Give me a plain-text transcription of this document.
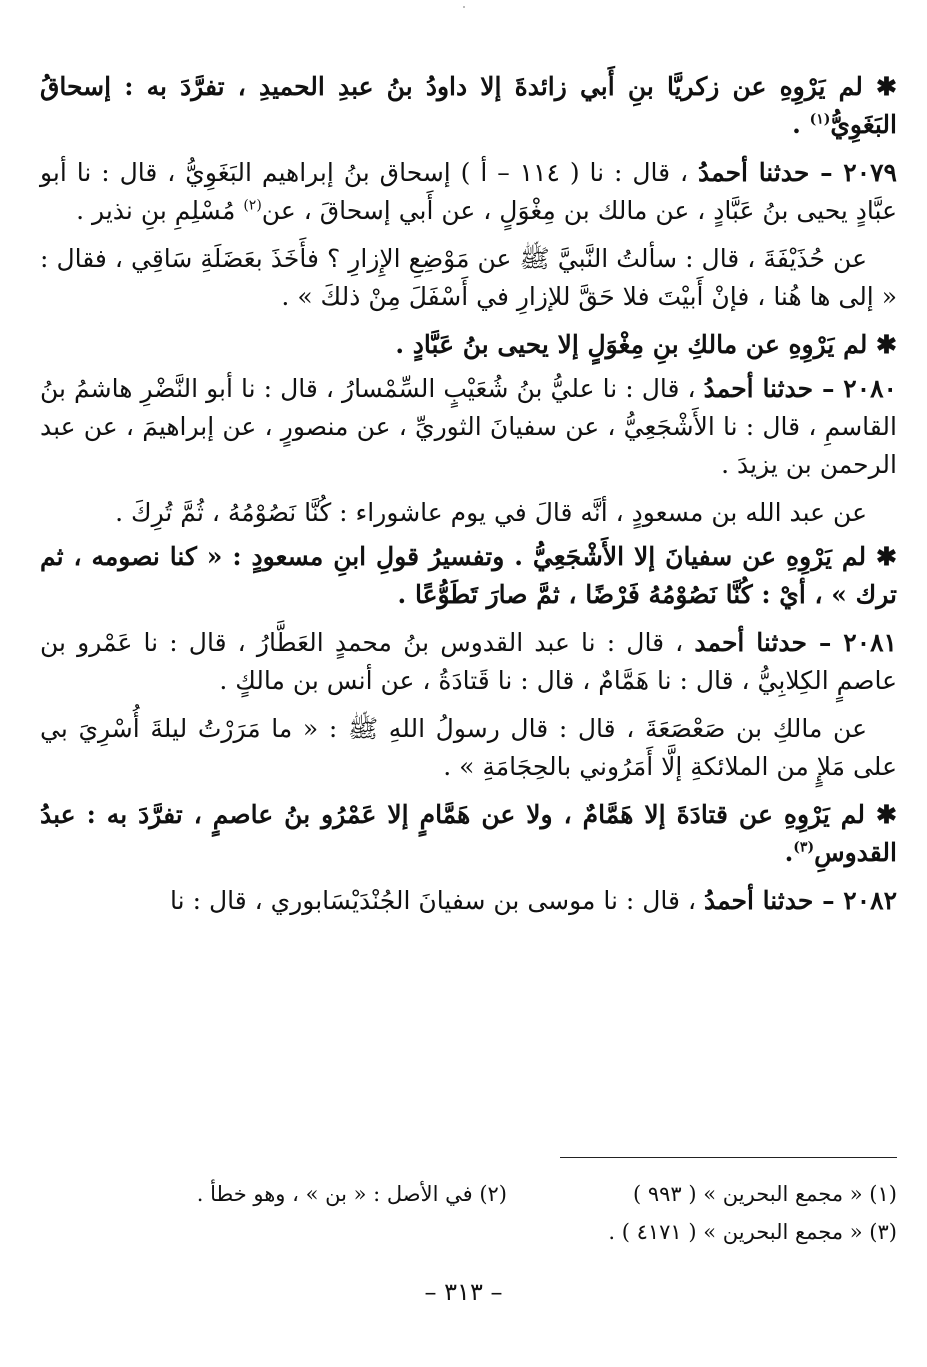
✱ لم يَرْوِهِ عن زكريَّا بنِ أَبي زائدةَ إلا داودُ بنُ عبدِ الحميدِ ، تفرَّدَ به : إسحاقُ البَغَوِيُّ$^{(١)}$ .

٢٠٧٩ – حدثنا أحمدُ ، قال : نا ( ١١٤ – أ ) إسحاق بنُ إبراهيم البَغَوِيُّ ، قال : نا أبو عبَّادٍ يحيى بنُ عَبَّادٍ ، عن مالك بن مِغْوَلٍ ، عن أَبي إسحاقَ ، عن$^{(٢)}$ مُسْلِمِ بنِ نذير .

عن حُذَيْفَةَ ، قال : سألتُ النَّبيَّ ﷺ عن مَوْضِعِ الإِزارِ ؟ فأَخَذَ بعَضَلَةِ سَاقِي ، فقال : « إلى ها هُنا ، فإنْ أَبيْتَ فلا حَقَّ للإزارِ في أَسْفَلَ مِنْ ذلكَ » .

✱ لم يَرْوِهِ عن مالكِ بنِ مِغْوَلٍ إلا يحيى بنُ عَبَّادٍ .

٢٠٨٠ – حدثنا أحمدُ ، قال : نا عليُّ بنُ شُعَيْبٍ السِّمْسارُ ، قال : نا أبو النَّضْرِ هاشمُ بنُ القاسمِ ، قال : نا الأَشْجَعِيُّ ، عن سفيانَ الثوريِّ ، عن منصورٍ ، عن إبراهيمَ ، عن عبد الرحمن بن يزيدَ .

عن عبد الله بن مسعودٍ ، أنَّه قالَ في يوم عاشوراء : كُنَّا نَصُوْمُهُ ، ثُمَّ تُرِكَ .

✱ لم يَرْوِهِ عن سفيانَ إلا الأَشْجَعِيُّ . وتفسيرُ قولِ ابنِ مسعودٍ : « كنا نصومه ، ثم ترك » ، أيْ : كُنَّا نَصُوْمُهُ فَرْضًا ، ثمَّ صارَ تَطَوُّعًا .

٢٠٨١ – حدثنا أحمد ، قال : نا عبد القدوس بنُ محمدٍ العَطَّارُ ، قال : نا عَمْرو بن عاصمٍ الكِلابِيُّ ، قال : نا هَمَّامٌ ، قال : نا قَتادَةُ ، عن أنس بن مالكٍ .

عن مالكِ بن صَعْصَعَةَ ، قال : قال رسولُ اللهِ ﷺ : « ما مَرَرْتُ ليلةَ أُسْرِيَ بي على مَلإٍ من الملائكةِ إلَّا أَمَرُوني بالحِجَامَةِ » .

✱ لم يَرْوِهِ عن قتادَةَ إلا هَمَّامٌ ، ولا عن هَمَّامٍ إلا عَمْرُو بنُ عاصمٍ ، تفرَّدَ به : عبدُ القدوسِ$^{(٣)}$.

٢٠٨٢ – حدثنا أحمدُ ، قال : نا موسى بن سفيانَ الجُنْدَيْسَابوري ، قال : نا

(١) « مجمع البحرين » ( ٩٩٣ )
(٢) في الأصل : « بن » ، وهو خطأ .
(٣) « مجمع البحرين » ( ٤١٧١ ) .
– ٣١٣ –
